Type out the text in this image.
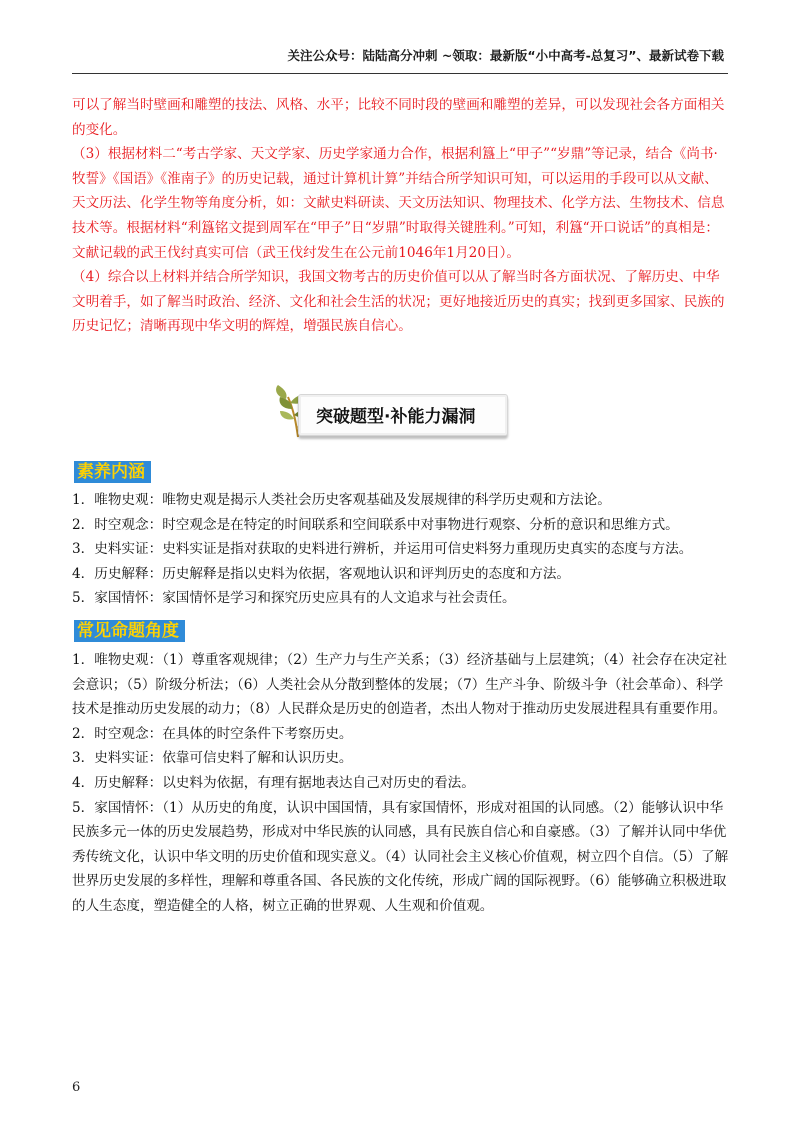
关注公众号：陆陆高分冲刺 ~领取：最新版“小中高考-总复习”、最新试卷下载

可以了解当时壁画和雕塑的技法、风格、水平；比较不同时段的壁画和雕塑的差异，可以发现社会各方面相关的变化。

（3）根据材料二“考古学家、天文学家、历史学家通力合作，根据利簋上“甲子”“岁鼎”等记录，结合《尚书·牧誓》《国语》《淮南子》的历史记载，通过计算机计算”并结合所学知识可知，可以运用的手段可以从文献、天文历法、化学生物等角度分析，如：文献史料研读、天文历法知识、物理技术、化学方法、生物技术、信息技术等。根据材料“利簋铭文提到周军在“甲子”日“岁鼎”时取得关键胜利。”可知，利簋“开口说话”的真相是：文献记载的武王伐纣真实可信（武王伐纣发生在公元前1046年1月20日）。

（4）综合以上材料并结合所学知识，我国文物考古的历史价值可以从了解当时各方面状况、了解历史、中华文明着手，如了解当时政治、经济、文化和社会生活的状况；更好地接近历史的真实；找到更多国家、民族的历史记忆；清晰再现中华文明的辉煌，增强民族自信心。

突破题型·补能力漏洞
素养内涵

1．唯物史观：唯物史观是揭示人类社会历史客观基础及发展规律的科学历史观和方法论。

2．时空观念：时空观念是在特定的时间联系和空间联系中对事物进行观察、分析的意识和思维方式。

3．史料实证：史料实证是指对获取的史料进行辨析，并运用可信史料努力重现历史真实的态度与方法。

4．历史解释：历史解释是指以史料为依据，客观地认识和评判历史的态度和方法。

5．家国情怀：家国情怀是学习和探究历史应具有的人文追求与社会责任。

常见命题角度

1．唯物史观：（1）尊重客观规律；（2）生产力与生产关系；（3）经济基础与上层建筑；（4）社会存在决定社会意识；（5）阶级分析法；（6）人类社会从分散到整体的发展；（7）生产斗争、阶级斗争（社会革命）、科学技术是推动历史发展的动力；（8）人民群众是历史的创造者，杰出人物对于推动历史发展进程具有重要作用。

2．时空观念：在具体的时空条件下考察历史。

3．史料实证：依靠可信史料了解和认识历史。

4．历史解释：以史料为依据，有理有据地表达自己对历史的看法。

5．家国情怀：（1）从历史的角度，认识中国国情，具有家国情怀，形成对祖国的认同感。（2）能够认识中华民族多元一体的历史发展趋势，形成对中华民族的认同感，具有民族自信心和自豪感。（3）了解并认同中华优秀传统文化，认识中华文明的历史价值和现实意义。（4）认同社会主义核心价值观，树立四个自信。（5）了解世界历史发展的多样性，理解和尊重各国、各民族的文化传统，形成广阔的国际视野。（6）能够确立积极进取的人生态度，塑造健全的人格，树立正确的世界观、人生观和价值观。

6
